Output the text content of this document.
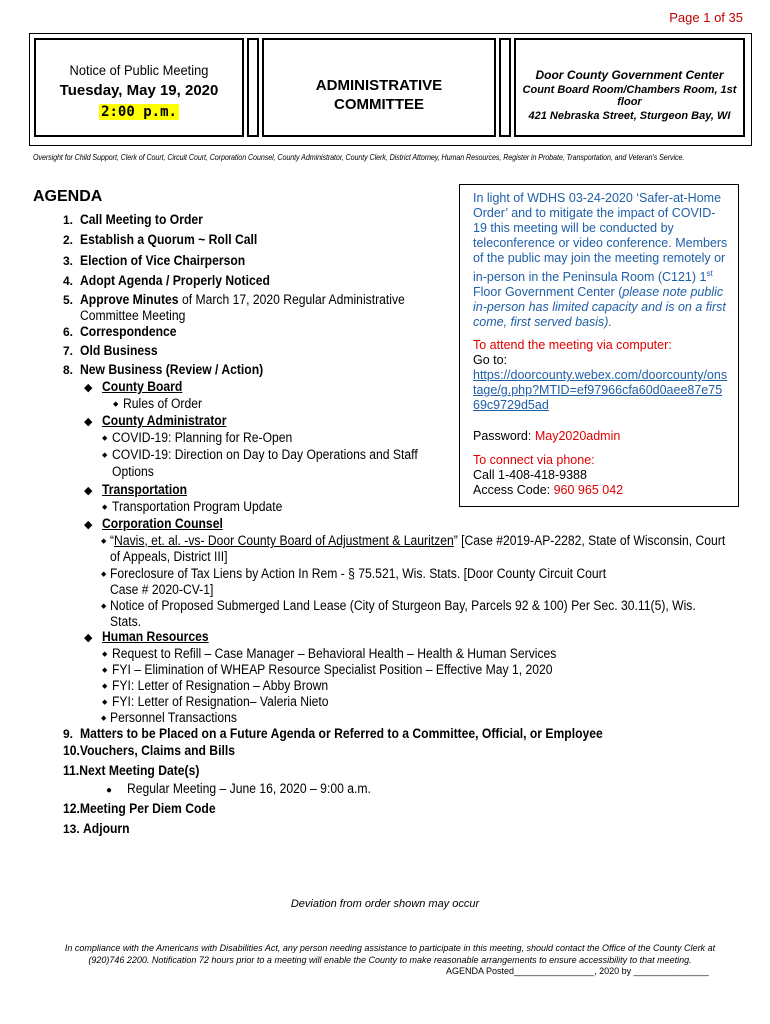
Page 1 of 35
Notice of Public Meeting
Tuesday, May 19, 2020
2:00 p.m.
ADMINISTRATIVE
COMMITTEE
Door County Government Center
Count Board Room/Chambers Room, 1st floor
421 Nebraska Street, Sturgeon Bay, WI
Oversight for Child Support, Clerk of Court, Circuit Court, Corporation Counsel, County Administrator, County Clerk, District Attorney, Human Resources, Register in Probate, Transportation, and Veteran’s Service.
AGENDA	In light of WDHS 03-24-2020 ‘Safer-at-Home Order’ and to mitigate the impact of COVID-19 this meeting will be conducted by teleconference or video conference. Members of the public may join the meeting remotely or in-person in the Peninsula Room (C121) 1st Floor Government Center (please note public in-person has limited capacity and is on a first come, first served basis).
To attend the meeting via computer:
Go to:
https://doorcounty.webex.com/doorcounty/onstage/g.php?MTID=ef97966cfa60d0aee87e7569c9729d5ad
Password: May2020admin
To connect via phone:
Call 1-408-418-9388
Access Code: 960 965 042
1. Call Meeting to Order
2. Establish a Quorum ~ Roll Call
3. Election of Vice Chairperson
4. Adopt Agenda / Properly Noticed
5. Approve Minutes of March 17, 2020 Regular Administrative
Committee Meeting
6. Correspondence
7. Old Business
8. New Business (Review / Action)
◆ County Board
◆ Rules of Order
◆ County Administrator
◆ COVID-19: Planning for Re-Open
◆ COVID-19: Direction on Day to Day Operations and Staff
Options
◆ Transportation
◆ Transportation Program Update
◆ Corporation Counsel
◆ “Navis, et. al. -vs- Door County Board of Adjustment & Lauritzen” [Case #2019-AP-2282, State of Wisconsin, Court
of Appeals, District III]
◆ Foreclosure of Tax Liens by Action In Rem - § 75.521, Wis. Stats. [Door County Circuit Court
Case # 2020-CV-1]
◆ Notice of Proposed Submerged Land Lease (City of Sturgeon Bay, Parcels 92 & 100) Per Sec. 30.11(5), Wis.
Stats.
◆ Human Resources
◆ Request to Refill – Case Manager – Behavioral Health – Health & Human Services
◆ FYI – Elimination of WHEAP Resource Specialist Position – Effective May 1, 2020
◆ FYI: Letter of Resignation – Abby Brown
◆ FYI: Letter of Resignation– Valeria Nieto
◆ Personnel Transactions
9. Matters to be Placed on a Future Agenda or Referred to a Committee, Official, or Employee
10.Vouchers, Claims and Bills
11.Next Meeting Date(s)
● Regular Meeting – June 16, 2020 – 9:00 a.m.
12.Meeting Per Diem Code
13. Adjourn
Deviation from order shown may occur
In compliance with the Americans with Disabilities Act, any person needing assistance to participate in this meeting, should contact the Office of the County Clerk at (920)746 2200. Notification 72 hours prior to a meeting will enable the County to make reasonable arrangements to ensure accessibility to that meeting.
AGENDA Posted________________, 2020 by _______________
